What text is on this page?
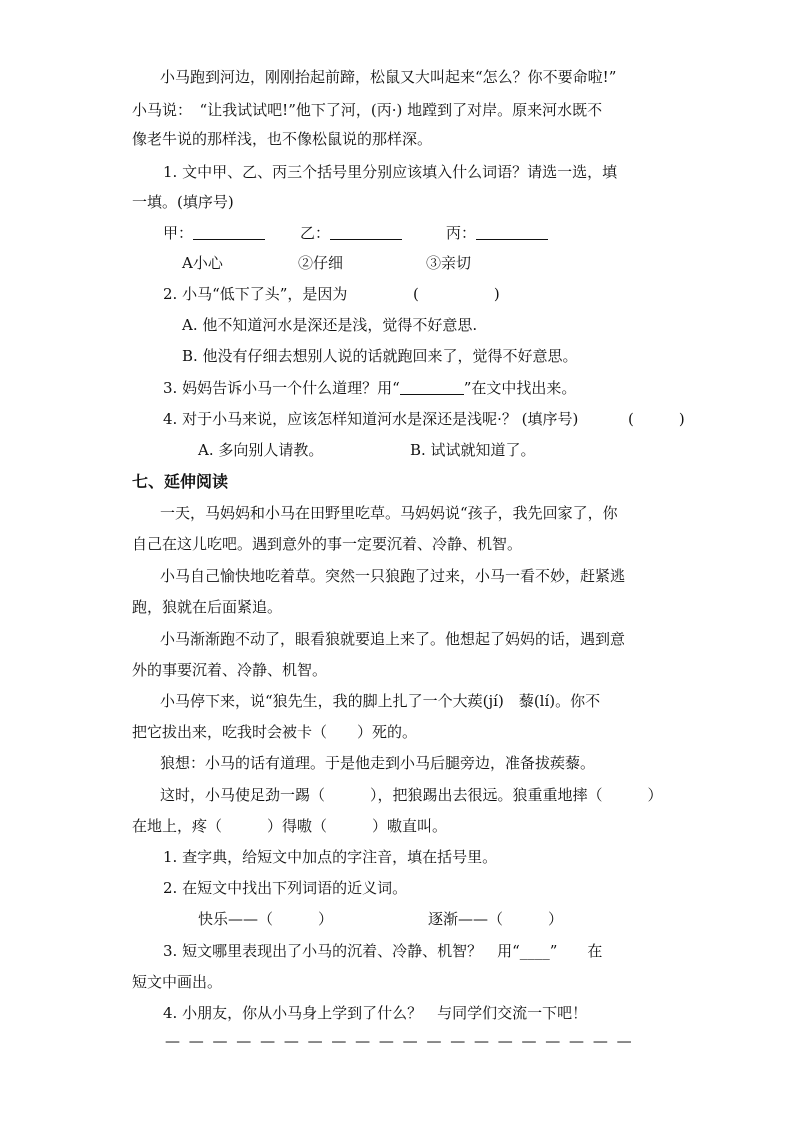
小马跑到河边，刚刚抬起前蹄，松鼠又大叫起来“怎么？你不要命啦!”
小马说：　“让我试试吧!”他下了河，(丙·) 地蹚到了对岸。原来河水既不
像老牛说的那样浅，也不像松鼠说的那样深。
1. 文中甲、乙、丙三个括号里分别应该填入什么词语？请选一选，填
一填。(填序号)
甲：	乙：	丙：
A小心	②仔细	③亲切
2. 小马“低下了头”，是因为	(　　　　　)
A. 他不知道河水是深还是浅，觉得不好意思.
B. 他没有仔细去想别人说的话就跑回来了，觉得不好意思。
3. 妈妈告诉小马一个什么道理？用“	”在文中找出来。
4. 对于小马来说，应该怎样知道河水是深还是浅呢·？ (填序号)	(　　　)
A. 多向别人请教。	B. 试试就知道了。
七、延伸阅读
一天，马妈妈和小马在田野里吃草。马妈妈说“孩子，我先回家了，你
自己在这儿吃吧。遇到意外的事一定要沉着、冷静、机智。
小马自己愉快地吃着草。突然一只狼跑了过来，小马一看不妙，赶紧逃
跑，狼就在后面紧追。
小马渐渐跑不动了，眼看狼就要追上来了。他想起了妈妈的话，遇到意
外的事要沉着、冷静、机智。
小马停下来，说“狼先生，我的脚上扎了一个大蒺(jí)　藜(lí)。你不
把它拔出来，吃我时会被卡（　　）死的。
狼想：小马的话有道理。于是他走到小马后腿旁边，准备拔蒺藜。
这时，小马使足劲一踢（　　　），把狼踢出去很远。狼重重地摔（　　　）
在地上，疼（　　　）得嗷（　　　）嗷直叫。
1. 查字典，给短文中加点的字注音，填在括号里。
2. 在短文中找出下列词语的近义词。
快乐——（　　　）	逐渐——（　　　）
3. 短文哪里表现出了小马的沉着、冷静、机智？　用“____”　　在
短文中画出。
4. 小朋友，你从小马身上学到了什么？　与同学们交流一下吧！
— — — — — — — — — — — — — — — — — — — —
